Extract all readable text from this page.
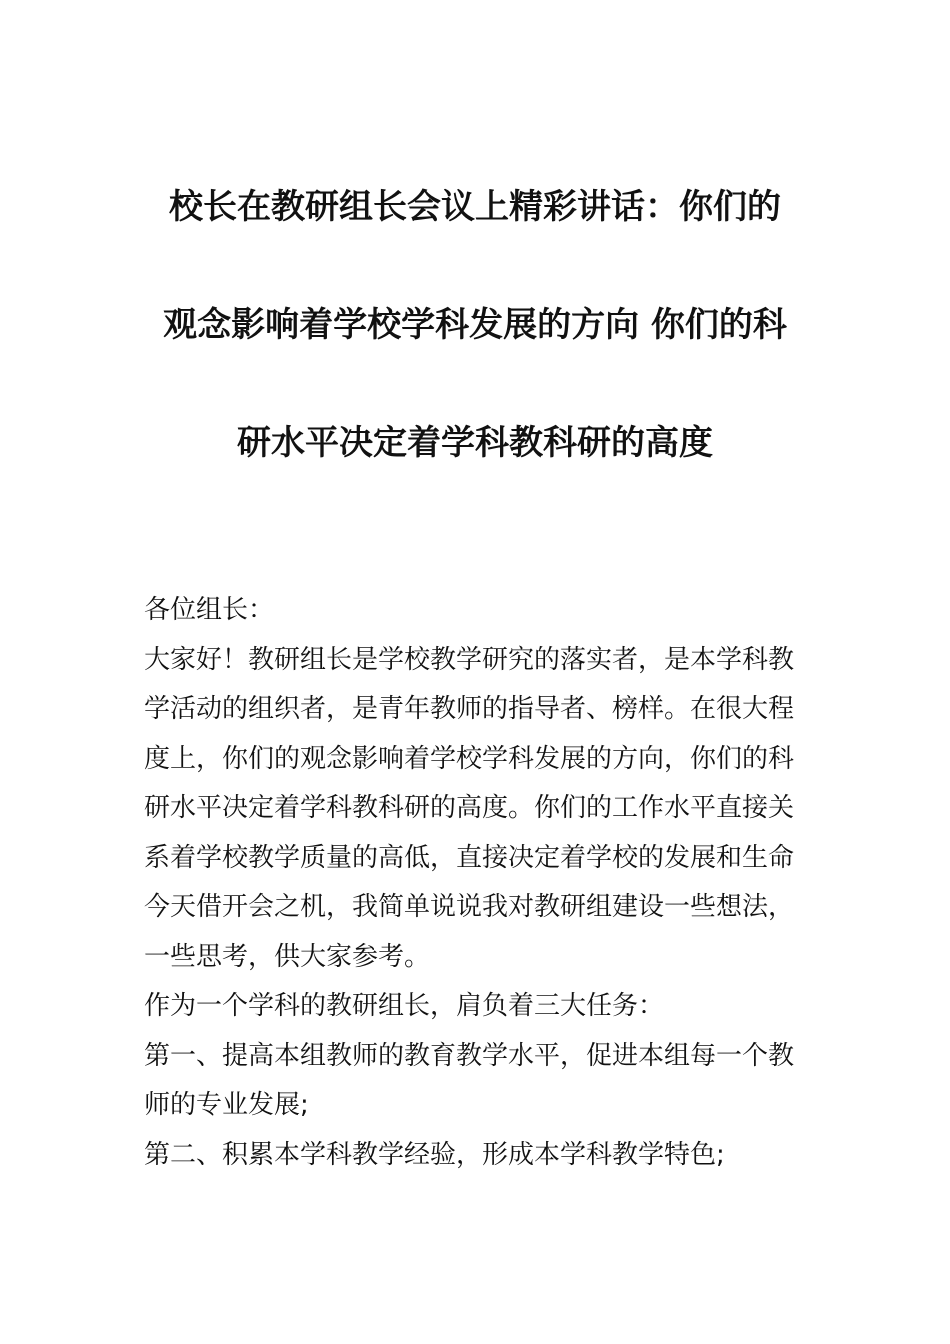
校长在教研组长会议上精彩讲话：你们的
观念影响着学校学科发展的方向 你们的科
研水平决定着学科教科研的高度
各位组长：
大家好！教研组长是学校教学研究的落实者，是本学科教
学活动的组织者，是青年教师的指导者、榜样。在很大程
度上，你们的观念影响着学校学科发展的方向，你们的科
研水平决定着学科教科研的高度。你们的工作水平直接关
系着学校教学质量的高低，直接决定着学校的发展和生命
今天借开会之机，我简单说说我对教研组建设一些想法，
一些思考，供大家参考。
作为一个学科的教研组长，肩负着三大任务：
第一、提高本组教师的教育教学水平，促进本组每一个教
师的专业发展;
第二、积累本学科教学经验，形成本学科教学特色;
